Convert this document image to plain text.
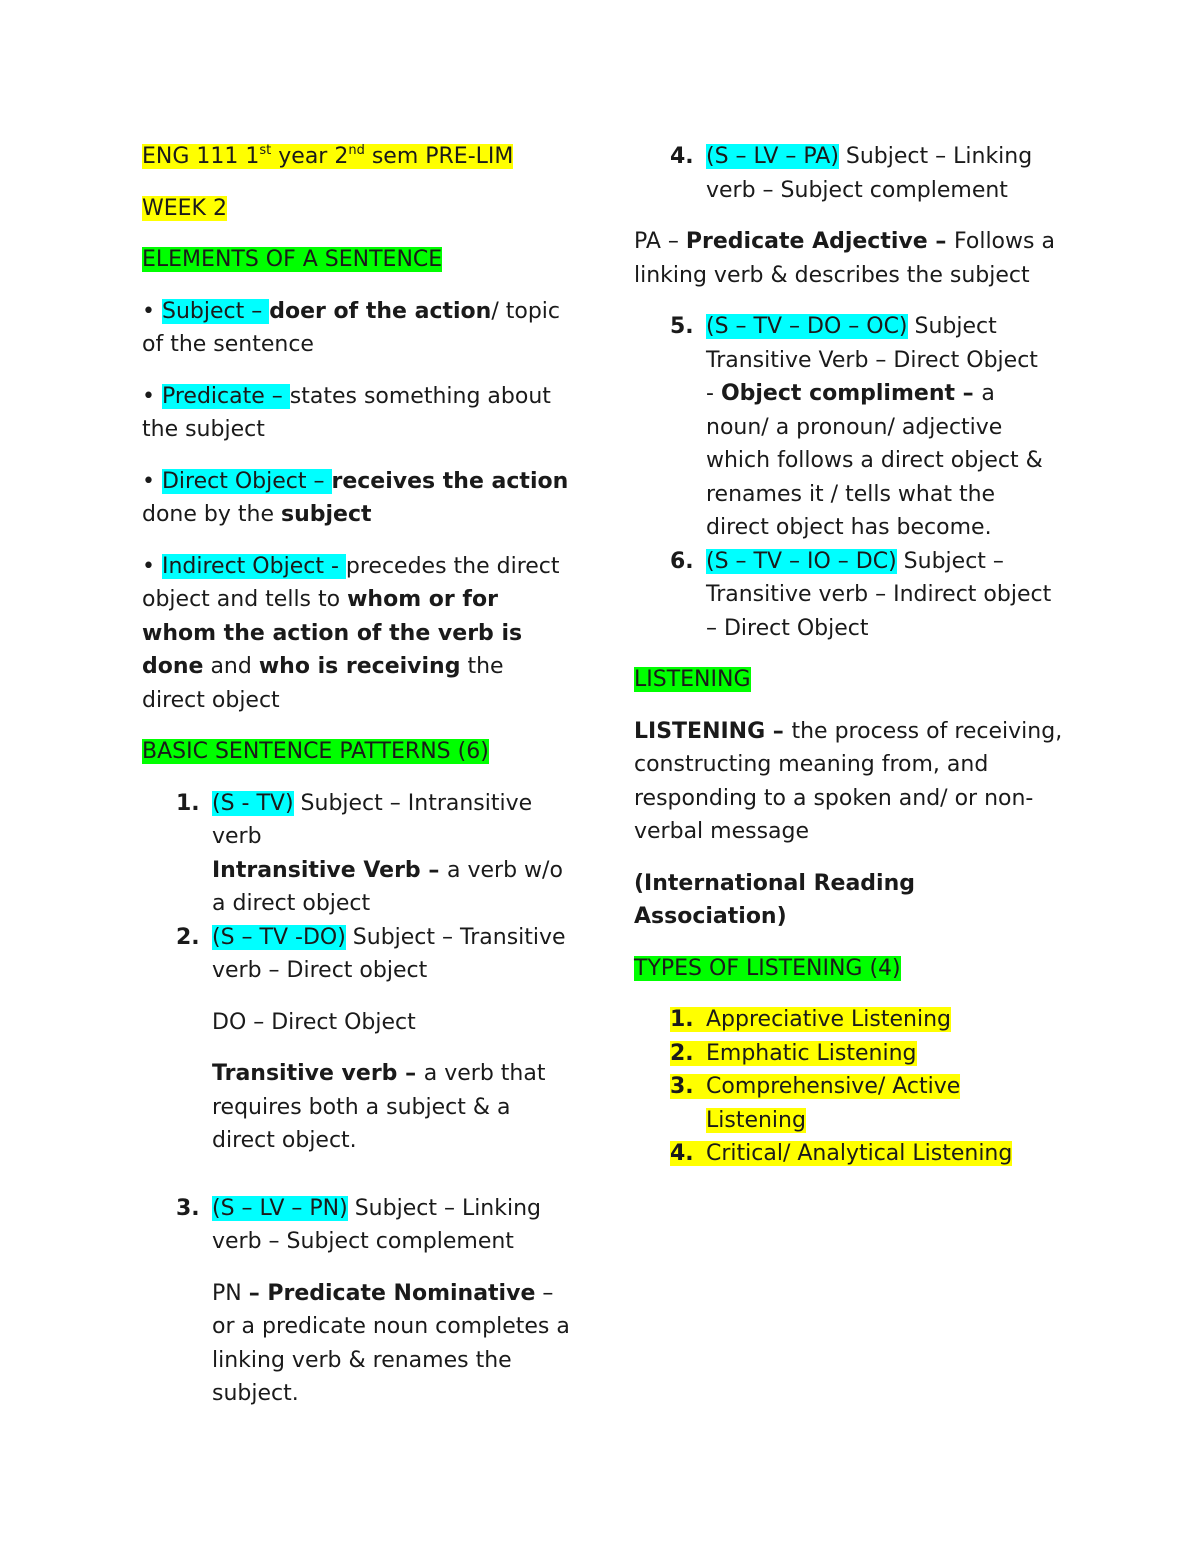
ENG 111 1st year 2nd sem PRE-LIM

WEEK 2

ELEMENTS OF A SENTENCE

• Subject – doer of the action/ topic of the sentence

• Predicate – states something about the subject

• Direct Object – receives the action done by the subject

• Indirect Object - precedes the direct object and tells to whom or for whom the action of the verb is done and who is receiving the direct object

BASIC SENTENCE PATTERNS (6)

1. (S - TV) Subject – Intransitive verb

Intransitive Verb – a verb w/o a direct object

2. (S – TV -DO) Subject – Transitive verb – Direct object

DO – Direct Object

Transitive verb – a verb that requires both a subject & a direct object.

3. (S – LV – PN) Subject – Linking verb – Subject complement

PN – Predicate Nominative – or a predicate noun completes a linking verb & renames the subject.

4. (S – LV – PA) Subject – Linking verb – Subject complement

PA – Predicate Adjective – Follows a linking verb & describes the subject

5. (S – TV – DO – OC) Subject Transitive Verb – Direct Object

- Object compliment – a noun/ a pronoun/ adjective which follows a direct object & renames it / tells what the direct object has become.

6. (S – TV – IO – DC) Subject – Transitive verb – Indirect object – Direct Object

LISTENING

LISTENING – the process of receiving, constructing meaning from, and responding to a spoken and/ or non-verbal message

(International Reading Association)

TYPES OF LISTENING (4)

1. Appreciative Listening

2. Emphatic Listening

3. Comprehensive/ Active

Listening

4. Critical/ Analytical Listening
